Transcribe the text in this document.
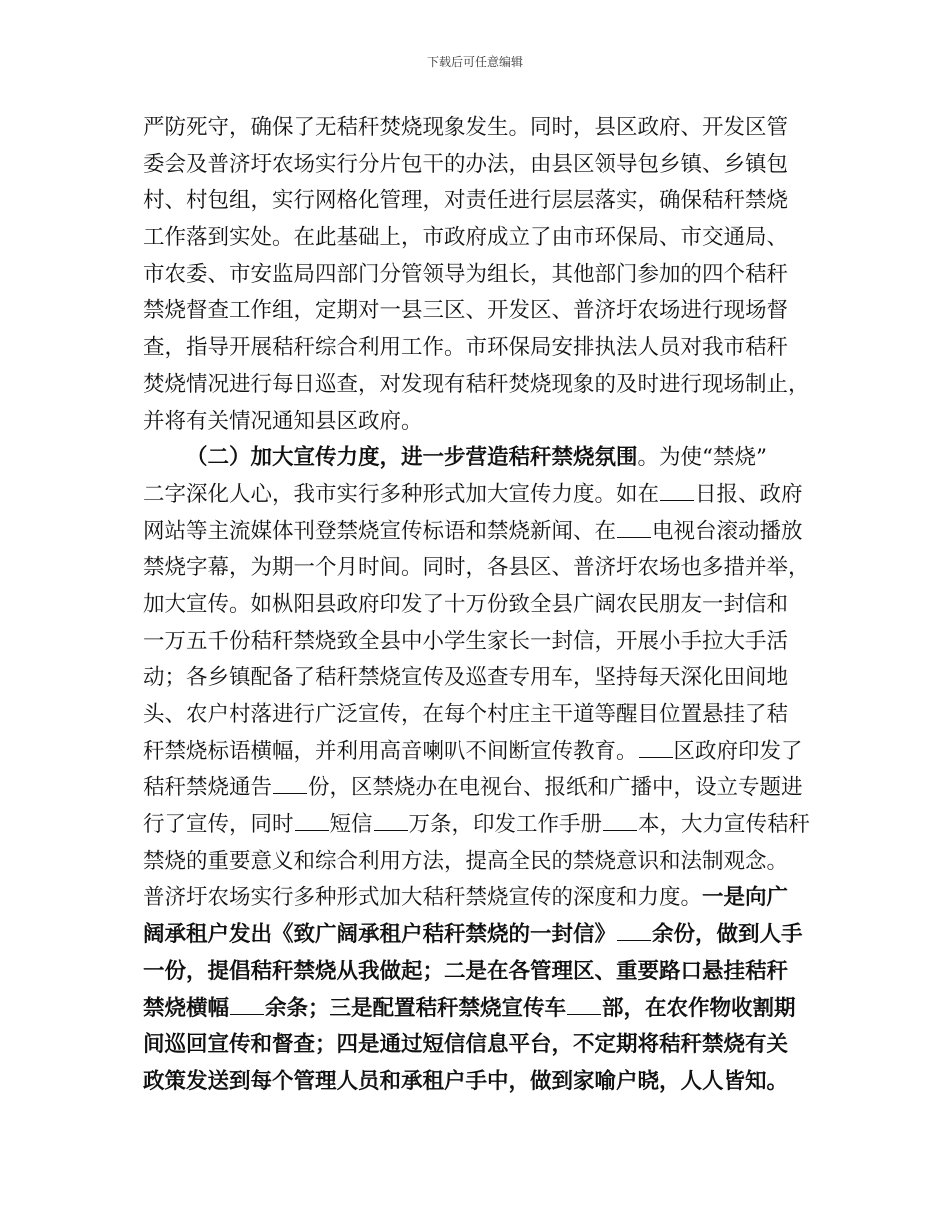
下载后可任意编辑
严防死守，确保了无秸秆焚烧现象发生。同时，县区政府、开发区管
委会及普济圩农场实行分片包干的办法，由县区领导包乡镇、乡镇包
村、村包组，实行网格化管理，对责任进行层层落实，确保秸秆禁烧
工作落到实处。在此基础上，市政府成立了由市环保局、市交通局、
市农委、市安监局四部门分管领导为组长，其他部门参加的四个秸秆
禁烧督查工作组，定期对一县三区、开发区、普济圩农场进行现场督
查，指导开展秸秆综合利用工作。市环保局安排执法人员对我市秸秆
焚烧情况进行每日巡查，对发现有秸秆焚烧现象的及时进行现场制止，
并将有关情况通知县区政府。
（二）加大宣传力度，进一步营造秸秆禁烧氛围。为使“禁烧”
二字深化人心，我市实行多种形式加大宣传力度。如在 日报、政府
网站等主流媒体刊登禁烧宣传标语和禁烧新闻、在 电视台滚动播放
禁烧字幕，为期一个月时间。同时，各县区、普济圩农场也多措并举，
加大宣传。如枞阳县政府印发了十万份致全县广阔农民朋友一封信和
一万五千份秸秆禁烧致全县中小学生家长一封信，开展小手拉大手活
动；各乡镇配备了秸秆禁烧宣传及巡查专用车，坚持每天深化田间地
头、农户村落进行广泛宣传，在每个村庄主干道等醒目位置悬挂了秸
秆禁烧标语横幅，并利用高音喇叭不间断宣传教育。 区政府印发了
秸秆禁烧通告 份，区禁烧办在电视台、报纸和广播中，设立专题进
行了宣传，同时 短信 万条，印发工作手册 本，大力宣传秸秆
禁烧的重要意义和综合利用方法，提高全民的禁烧意识和法制观念。
普济圩农场实行多种形式加大秸秆禁烧宣传的深度和力度。一是向广
阔承租户发出《致广阔承租户秸秆禁烧的一封信》 余份，做到人手
一份，提倡秸秆禁烧从我做起；二是在各管理区、重要路口悬挂秸秆
禁烧横幅 余条；三是配置秸秆禁烧宣传车 部，在农作物收割期
间巡回宣传和督查；四是通过短信信息平台，不定期将秸秆禁烧有关
政策发送到每个管理人员和承租户手中，做到家喻户晓，人人皆知。
